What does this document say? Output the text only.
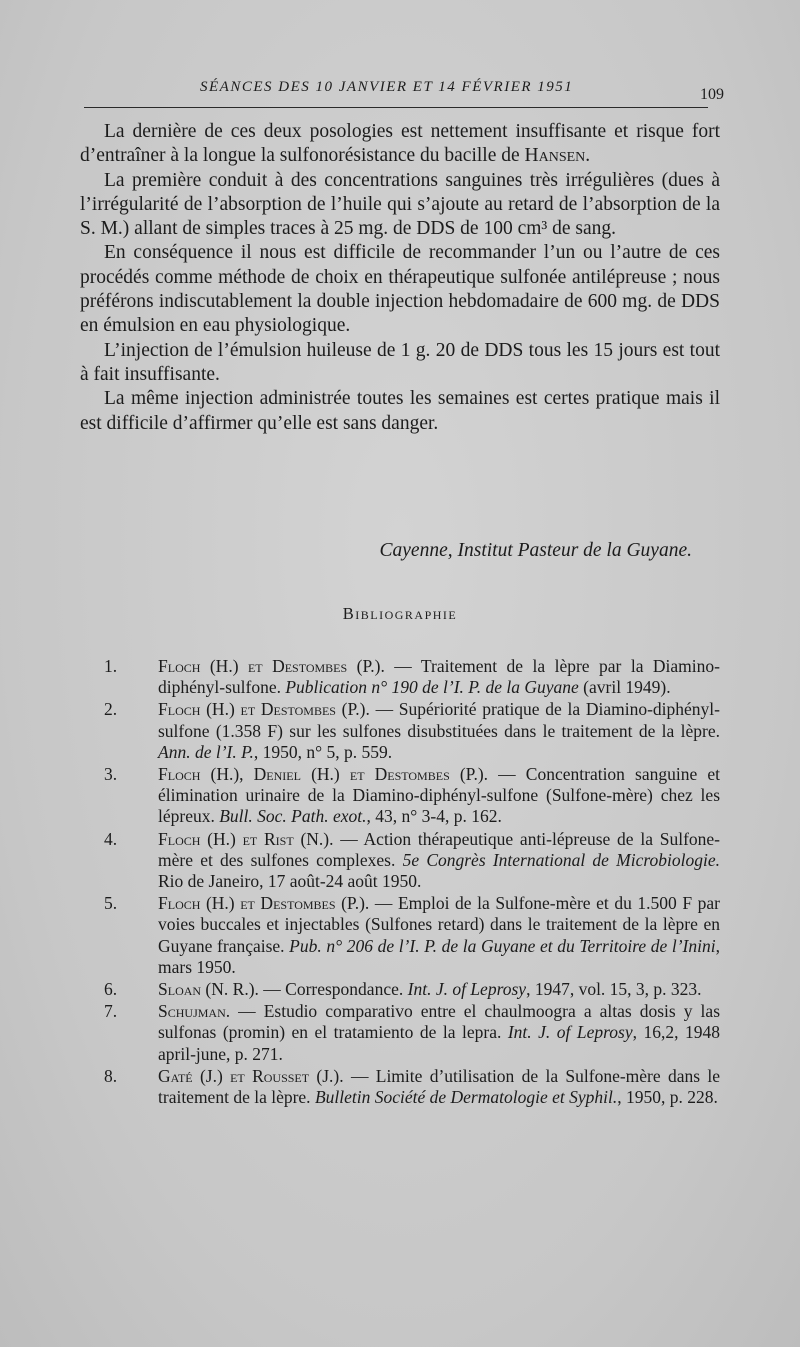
SÉANCES DES 10 JANVIER ET 14 FÉVRIER 1951	109

La dernière de ces deux posologies est nettement insuffisante et risque fort d’entraîner à la longue la sulfonorésistance du bacille de Hansen.

La première conduit à des concentrations sanguines très irrégulières (dues à l’irrégularité de l’absorption de l’huile qui s’ajoute au retard de l’absorption de la S. M.) allant de simples traces à 25 mg. de DDS de 100 cm³ de sang.

En conséquence il nous est difficile de recommander l’un ou l’autre de ces procédés comme méthode de choix en thérapeutique sulfonée antilépreuse ; nous préférons indiscutablement la double injection hebdomadaire de 600 mg. de DDS en émulsion en eau physiologique.

L’injection de l’émulsion huileuse de 1 g. 20 de DDS tous les 15 jours est tout à fait insuffisante.

La même injection administrée toutes les semaines est certes pratique mais il est difficile d’affirmer qu’elle est sans danger.

Cayenne, Institut Pasteur de la Guyane.
Bibliographie
1. Floch (H.) et Destombes (P.). — Traitement de la lèpre par la Diamino-diphényl-sulfone. Publication n° 190 de l’I. P. de la Guyane (avril 1949).
2. Floch (H.) et Destombes (P.). — Supériorité pratique de la Diamino-diphényl-sulfone (1.358 F) sur les sulfones disubstituées dans le traitement de la lèpre. Ann. de l’I. P., 1950, n° 5, p. 559.
3. Floch (H.), Deniel (H.) et Destombes (P.). — Concentration sanguine et élimination urinaire de la Diamino-diphényl-sulfone (Sulfone-mère) chez les lépreux. Bull. Soc. Path. exot., 43, n° 3-4, p. 162.
4. Floch (H.) et Rist (N.). — Action thérapeutique anti-lépreuse de la Sulfone-mère et des sulfones complexes. 5e Congrès International de Microbiologie. Rio de Janeiro, 17 août-24 août 1950.
5. Floch (H.) et Destombes (P.). — Emploi de la Sulfone-mère et du 1.500 F par voies buccales et injectables (Sulfones retard) dans le traitement de la lèpre en Guyane française. Pub. n° 206 de l’I. P. de la Guyane et du Territoire de l’Inini, mars 1950.
6. Sloan (N. R.). — Correspondance. Int. J. of Leprosy, 1947, vol. 15, 3, p. 323.
7. Schujman. — Estudio comparativo entre el chaulmoogra a altas dosis y las sulfonas (promin) en el tratamiento de la lepra. Int. J. of Leprosy, 16,2, 1948 april-june, p. 271.
8. Gaté (J.) et Rousset (J.). — Limite d’utilisation de la Sulfone-mère dans le traitement de la lèpre. Bulletin Société de Dermatologie et Syphil., 1950, p. 228.
